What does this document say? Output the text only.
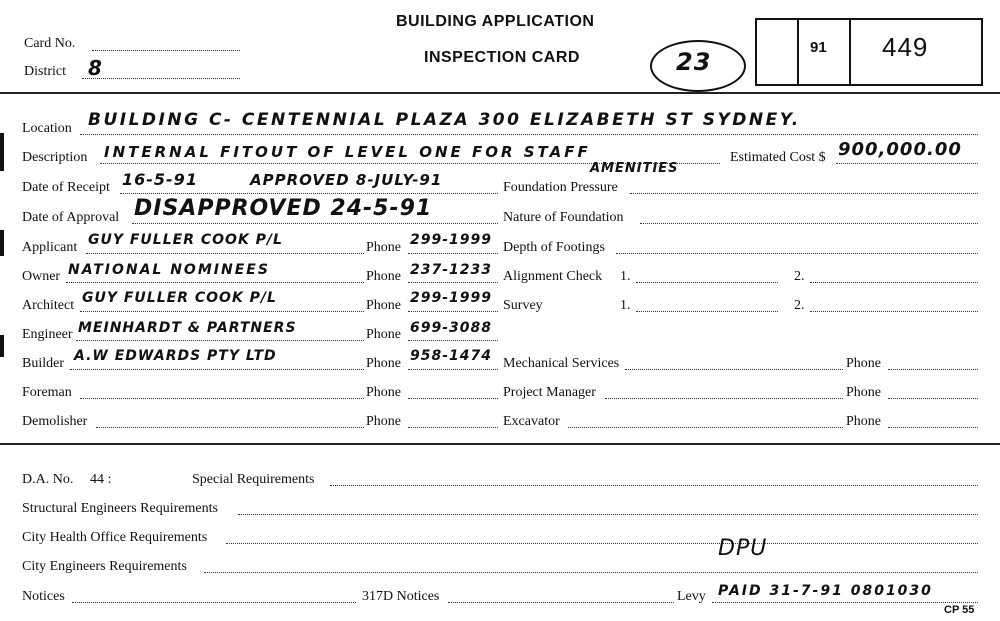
Card No.
District 8
BUILDING APPLICATION
INSPECTION CARD	23
91 449
Location BUILDING C- CENTENNIAL PLAZA 300 ELIZABETH ST SYDNEY.
Description INTERNAL FITOUT OF LEVEL ONE FOR STAFF
AMENITIES
Estimated Cost $ 900,000.00
Date of Receipt 16-5-91	APPROVED 8-JULY-91	Foundation Pressure
Date of Approval DISAPPROVED 24-5-91	Nature of Foundation
Applicant GUY FULLER COOK P/L	Phone 299-1999 Depth of Footings
Owner NATIONAL NOMINEES	Phone 237-1233 Alignment Check 1.	2.
Architect GUY FULLER COOK P/L	Phone 299-1999 Survey	1.	2.
Engineer MEINHARDT & PARTNERS	Phone 699-3088
Builder A.W EDWARDS PTY LTD	Phone 958-1474 Mechanical Services	Phone
Foreman	Phone	Project Manager	Phone
Demolisher	Phone	Excavator	Phone
D.A. No. 44 :	Special Requirements
Structural Engineers Requirements
City Health Office Requirements
City Engineers Requirements
DPU
Notices	317D Notices	Levy PAID 31-7-91 0801030
CP 55
